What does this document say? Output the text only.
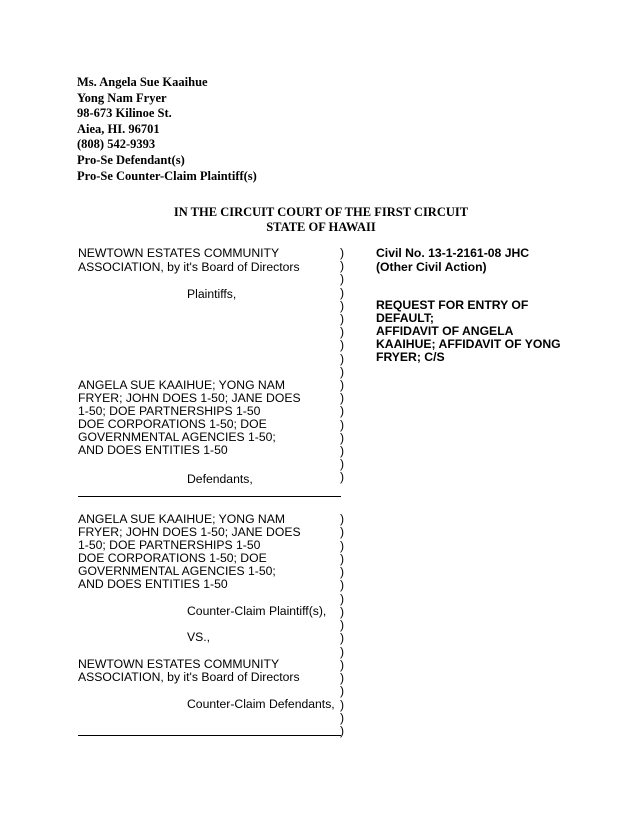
Ms. Angela Sue Kaaihue
Yong Nam Fryer
98-673 Kilinoe St.
Aiea, HI. 96701
(808) 542-9393
Pro-Se Defendant(s)
Pro-Se Counter-Claim Plaintiff(s)
IN THE CIRCUIT COURT OF THE FIRST CIRCUIT
STATE OF HAWAII
NEWTOWN ESTATES COMMUNITY
ASSOCIATION, by it's Board of Directors
Plaintiffs,
ANGELA SUE KAAIHUE; YONG NAM
FRYER; JOHN DOES 1-50; JANE DOES
1-50; DOE PARTNERSHIPS 1-50
DOE CORPORATIONS 1-50; DOE
GOVERNMENTAL AGENCIES 1-50;
AND DOES ENTITIES 1-50
Defendants,
ANGELA SUE KAAIHUE; YONG NAM
FRYER; JOHN DOES 1-50; JANE DOES
1-50; DOE PARTNERSHIPS 1-50
DOE CORPORATIONS 1-50; DOE
GOVERNMENTAL AGENCIES 1-50;
AND DOES ENTITIES 1-50
Counter-Claim Plaintiff(s),
VS.,
NEWTOWN ESTATES COMMUNITY
ASSOCIATION, by it's Board of Directors
Counter-Claim Defendants,
)
)
)
)
)
)
)
)
)
)
)
)
)
)
)
)
)
)
)
)
)
)
)
)
)
)
)
)
)
)
)
)
)
)
)
Civil No. 13-1-2161-08 JHC
(Other Civil Action)
REQUEST FOR ENTRY OF
DEFAULT;
AFFIDAVIT OF ANGELA
KAAIHUE; AFFIDAVIT OF YONG
FRYER; C/S
